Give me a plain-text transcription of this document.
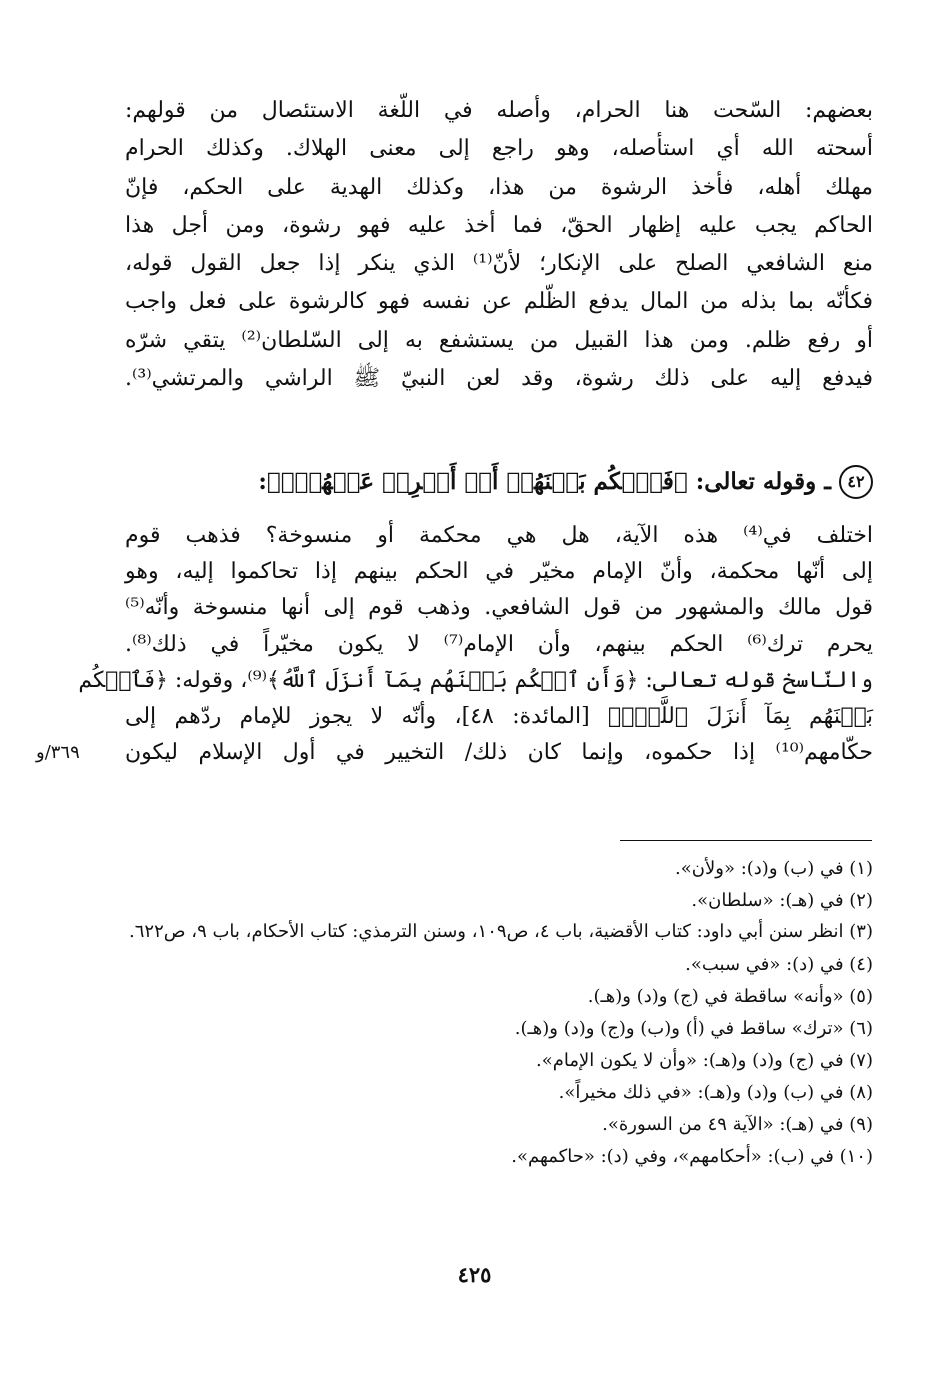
بعضهم: السّحت هنا الحرام، وأصله في اللّغة الاستئصال من قولهم:
أسحته الله أي استأصله، وهو راجع إلى معنى الهلاك. وكذلك الحرام
مهلك أهله، فأخذ الرشوة من هذا، وكذلك الهدية على الحكم، فإنّ
الحاكم يجب عليه إظهار الحقّ، فما أخذ عليه فهو رشوة، ومن أجل هذا
منع الشافعي الصلح على الإنكار؛ لأنّ⁽¹⁾ الذي ينكر إذا جعل القول قوله،
فكأنّه بما بذله من المال يدفع الظّلم عن نفسه فهو كالرشوة على فعل واجب
أو رفع ظلم. ومن هذا القبيل من يستشفع به إلى السّلطان⁽²⁾ يتقي شرّه
فيدفع إليه على ذلك رشوة، وقد لعن النبيّ ﷺ الراشي والمرتشي⁽³⁾.
٤٢
ـ وقوله تعالى: ﴿فَٱحۡكُم بَيۡنَهُمۡ أَوۡ أَعۡرِضۡ عَنۡهُمۡۖ﴾:
اختلف في⁽⁴⁾ هذه الآية، هل هي محكمة أو منسوخة؟ فذهب قوم
إلى أنّها محكمة، وأنّ الإمام مخيّر في الحكم بينهم إذا تحاكموا إليه، وهو
قول مالك والمشهور من قول الشافعي. وذهب قوم إلى أنها منسوخة وأنّه⁽⁵⁾
يحرم ترك⁽⁶⁾ الحكم بينهم، وأن الإمام⁽⁷⁾ لا يكون مخيّراً في ذلك⁽⁸⁾.
والنّاسخ قوله تعالى: ﴿وَأَنِ ٱحۡكُم بَيۡنَهُم بِمَآ أَنزَلَ ٱللَّهُ﴾⁽⁹⁾، وقوله: ﴿فَٱحۡكُم
بَيۡنَهُم بِمَآ أَنزَلَ ٱللَّهُۖ﴾ [المائدة: ٤٨]، وأنّه لا يجوز للإمام ردّهم إلى
حكّامهم⁽¹⁰⁾ إذا حكموه، وإنما كان ذلك/ التخيير في أول الإسلام ليكون
٣٦٩/و
(١) في (ب) و(د): «ولأن».
(٢) في (هـ): «سلطان».
(٣) انظر سنن أبي داود: كتاب الأقضية، باب ٤، ص١٠٩، وسنن الترمذي: كتاب الأحكام، باب ٩، ص٦٢٢.
(٤) في (د): «في سبب».
(٥) «وأنه» ساقطة في (ج) و(د) و(هـ).
(٦) «ترك» ساقط في (أ) و(ب) و(ج) و(د) و(هـ).
(٧) في (ج) و(د) و(هـ): «وأن لا يكون الإمام».
(٨) في (ب) و(د) و(هـ): «في ذلك مخيراً».
(٩) في (هـ): «الآية ٤٩ من السورة».
(١٠) في (ب): «أحكامهم»، وفي (د): «حاكمهم».
٤٢٥
